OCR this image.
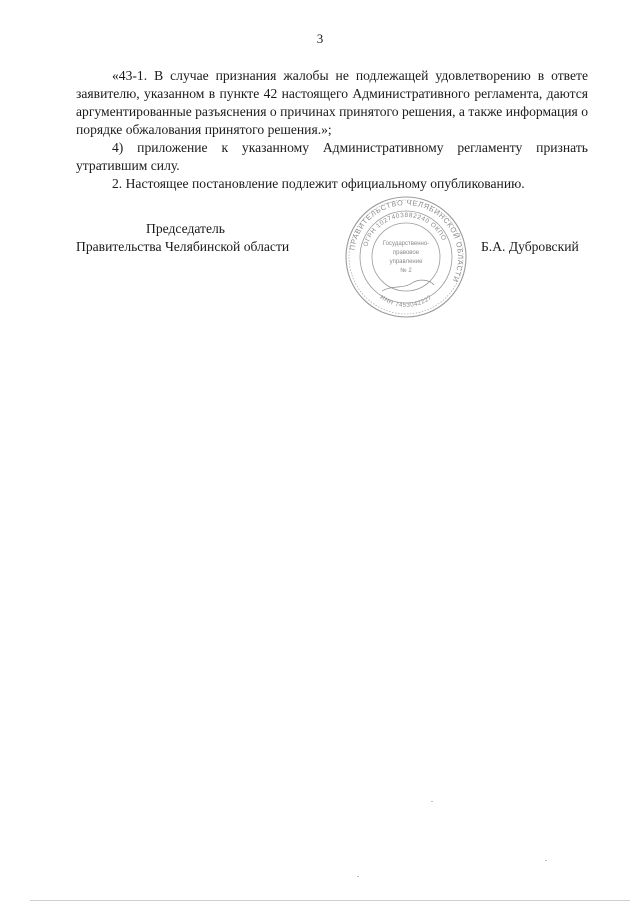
3

«43-1. В случае признания жалобы не подлежащей удовлетворению в ответе заявителю, указанном в пункте 42 настоящего Административного регламента, даются аргументированные разъяснения о причинах принятого решения, а также информация о порядке обжалования принятого решения.»;

4) приложение к указанному Административному регламенту признать утратившим силу.

2. Настоящее постановление подлежит официальному опубликованию.

Председатель
Правительства Челябинской области	Б.А. Дубровский
ПРАВИТЕЛЬСТВО ЧЕЛЯБИНСКОЙ ОБЛАСТИ
ОГРН 1027403882240 ОКПО
ИНН 7453042227
Государственно-
правовое
управление
№ 2
